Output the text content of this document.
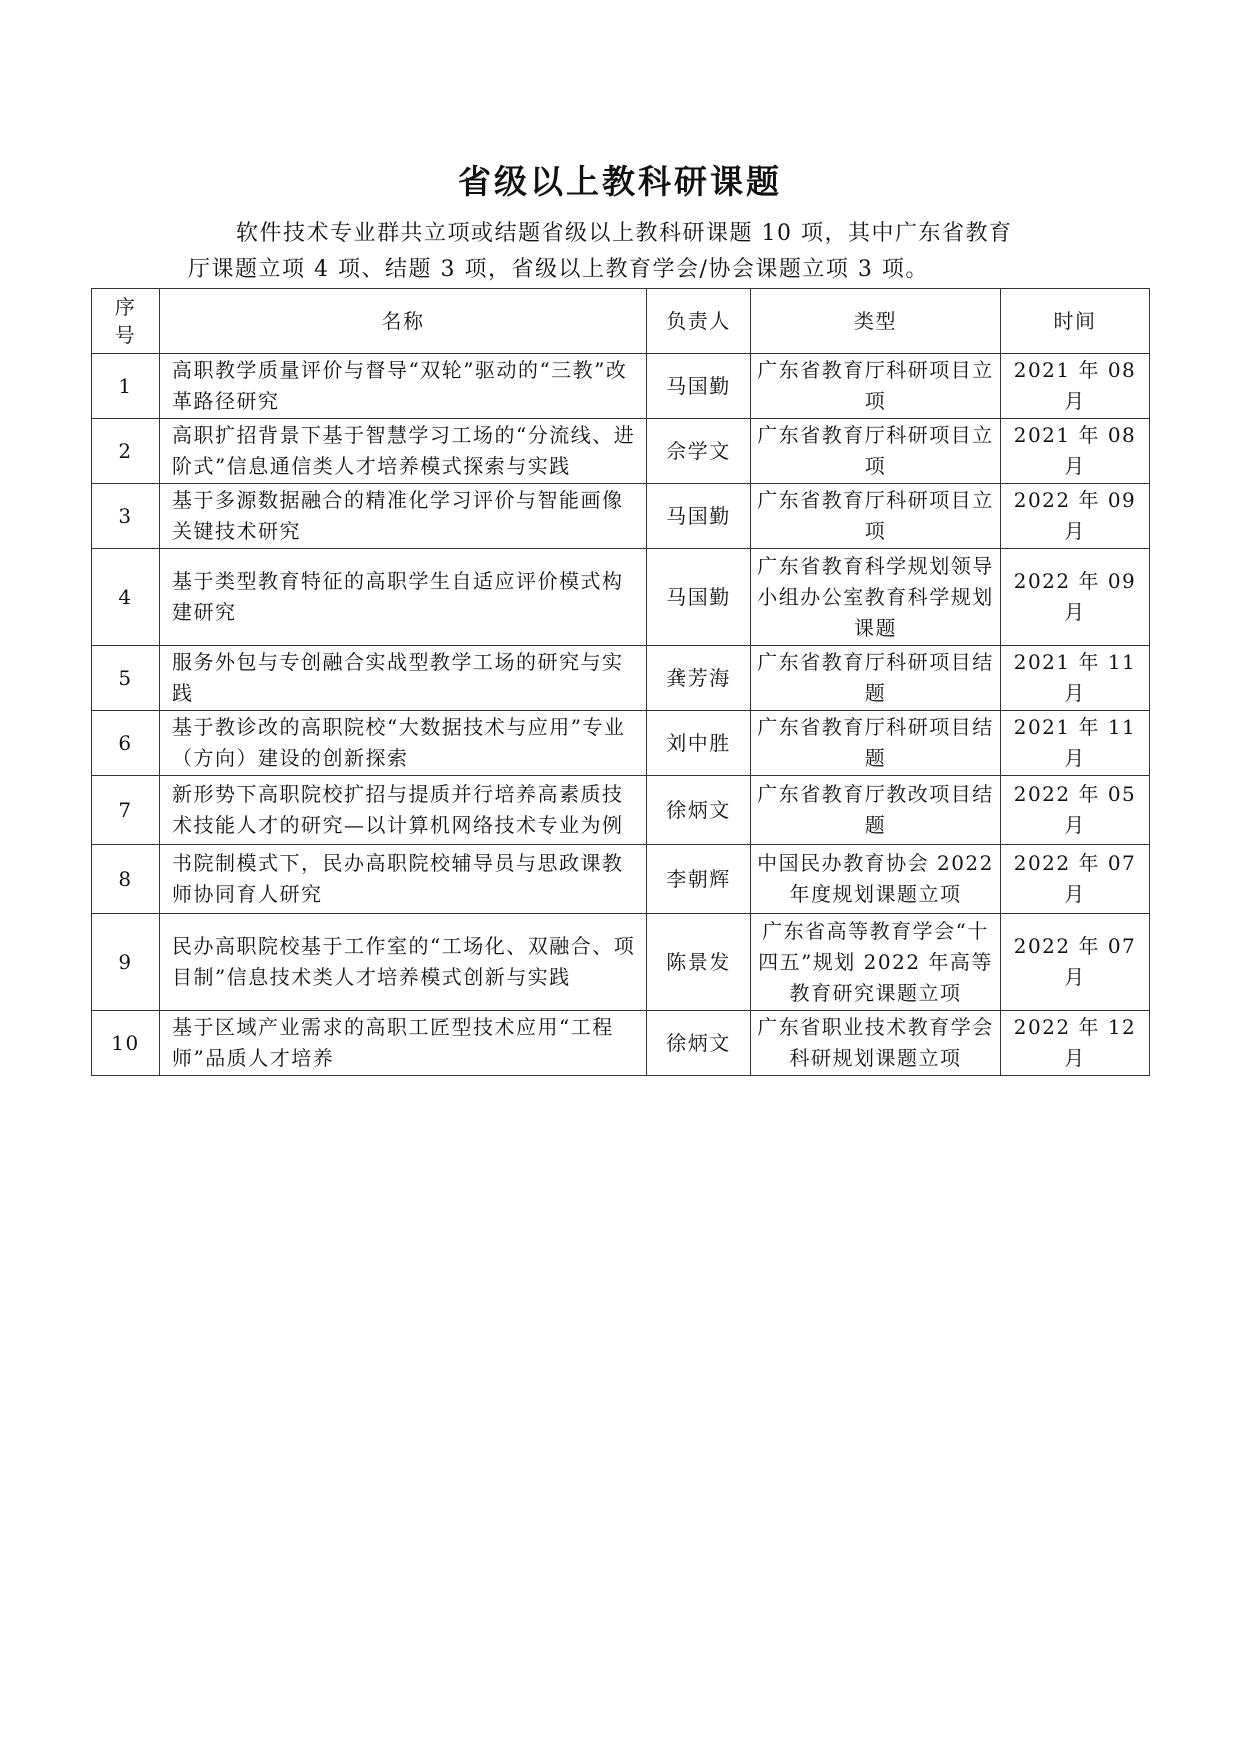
省级以上教科研课题

软件技术专业群共立项或结题省级以上教科研课题 10 项，其中广东省教育

厅课题立项 4 项、结题 3 项，省级以上教育学会/协会课题立项 3 项。

序
号	名称	负责人	类型	时间
1	高职教学质量评价与督导“双轮”驱动的“三教”改革路径研究	马国勤	广东省教育厅科研项目立项	2021 年 08 月
2	高职扩招背景下基于智慧学习工场的“分流线、进阶式”信息通信类人才培养模式探索与实践	佘学文	广东省教育厅科研项目立项	2021 年 08 月
3	基于多源数据融合的精准化学习评价与智能画像关键技术研究	马国勤	广东省教育厅科研项目立项	2022 年 09 月
4	基于类型教育特征的高职学生自适应评价模式构建研究	马国勤	广东省教育科学规划领导小组办公室教育科学规划课题	2022 年 09 月
5	服务外包与专创融合实战型教学工场的研究与实践	龚芳海	广东省教育厅科研项目结题	2021 年 11 月
6	基于教诊改的高职院校“大数据技术与应用”专业（方向）建设的创新探索	刘中胜	广东省教育厅科研项目结题	2021 年 11 月
7	新形势下高职院校扩招与提质并行培养高素质技术技能人才的研究—以计算机网络技术专业为例	徐炳文	广东省教育厅教改项目结题	2022 年 05 月
8	书院制模式下，民办高职院校辅导员与思政课教师协同育人研究	李朝辉	中国民办教育协会 2022 年度规划课题立项	2022 年 07 月
9	民办高职院校基于工作室的“工场化、双融合、项目制”信息技术类人才培养模式创新与实践	陈景发	广东省高等教育学会“十四五”规划 2022 年高等教育研究课题立项	2022 年 07 月
10	基于区域产业需求的高职工匠型技术应用“工程师”品质人才培养	徐炳文	广东省职业技术教育学会科研规划课题立项	2022 年 12 月
